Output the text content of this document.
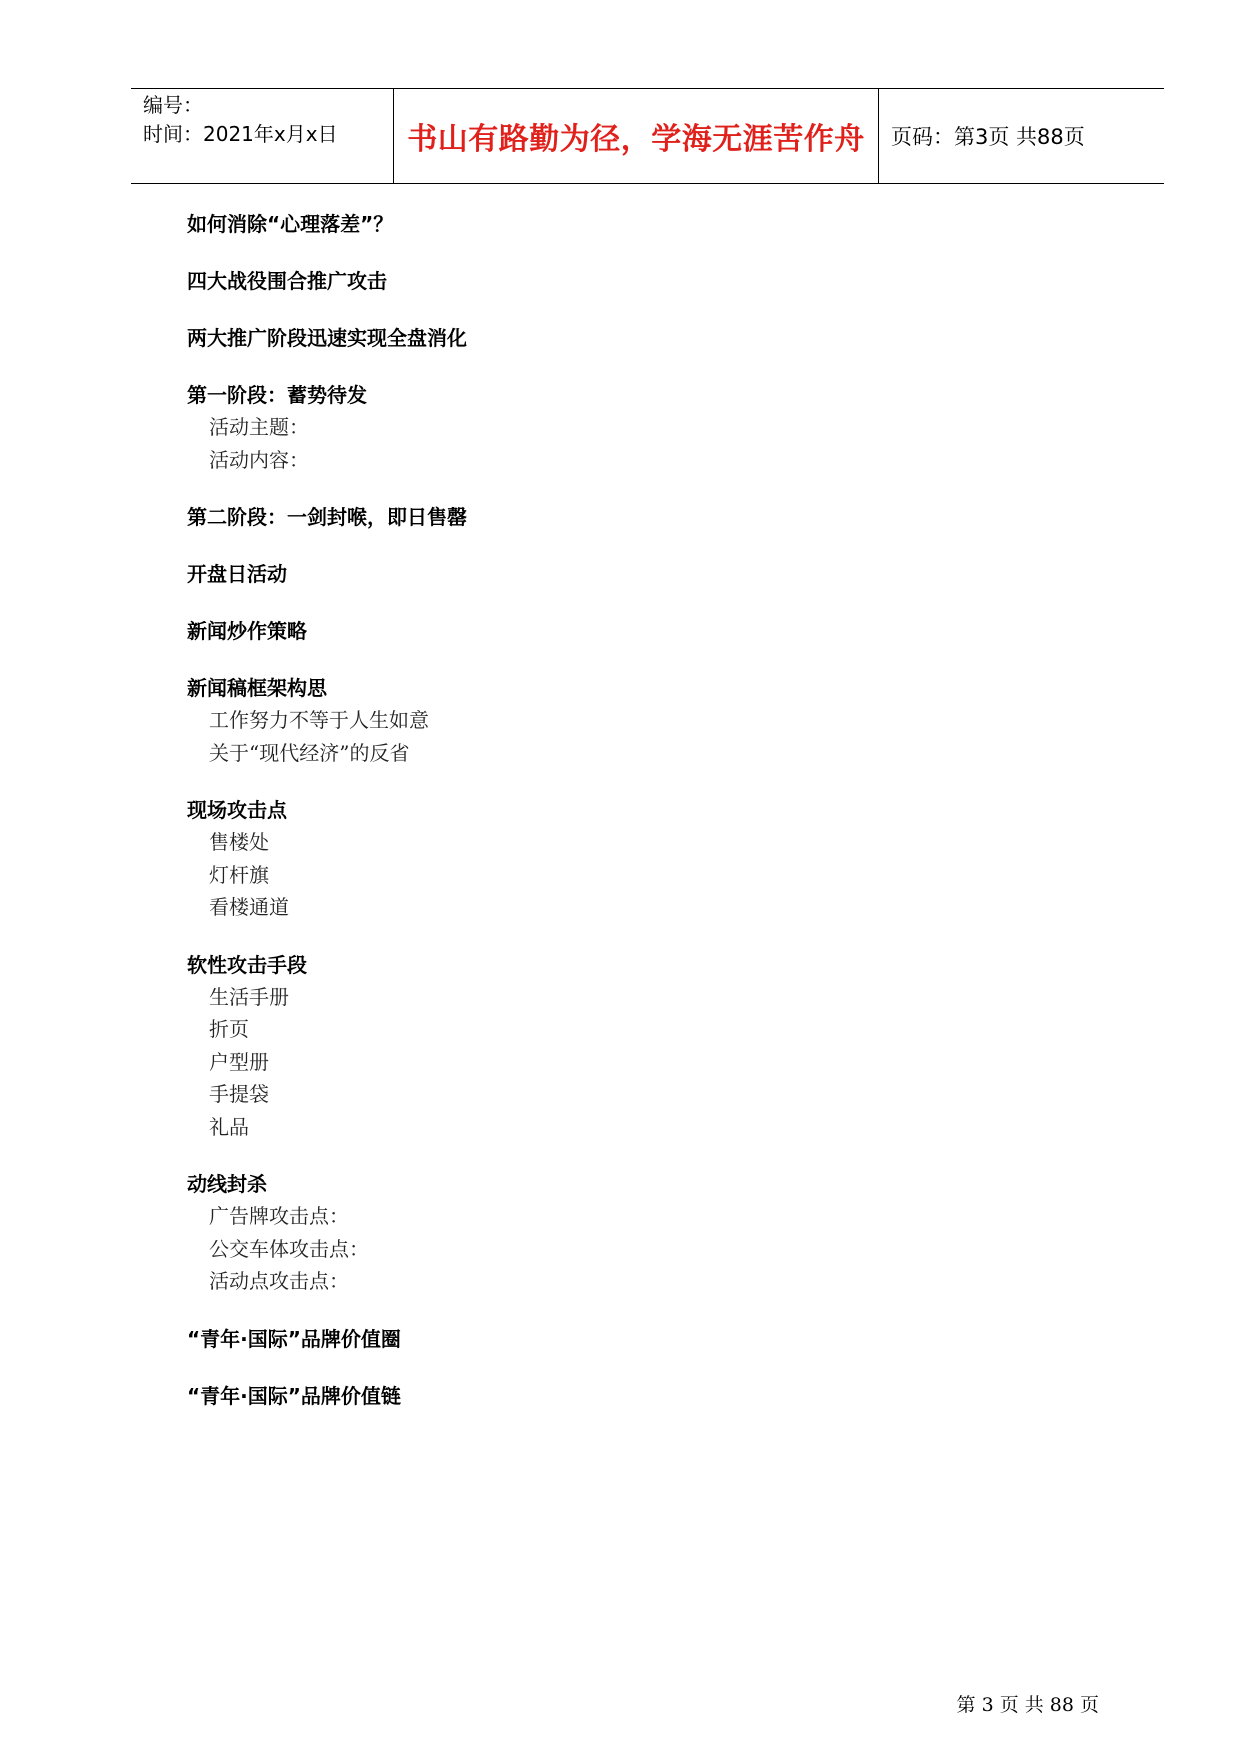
编号：
时间：2021年x月x日	书山有路勤为径，学海无涯苦作舟 页码：第3页 共88页
如何消除“心理落差”？
四大战役围合推广攻击
两大推广阶段迅速实现全盘消化
第一阶段：蓄势待发
活动主题：
活动内容：
第二阶段：一剑封喉，即日售罄
开盘日活动
新闻炒作策略
新闻稿框架构思
工作努力不等于人生如意
关于“现代经济”的反省
现场攻击点
售楼处
灯杆旗
看楼通道
软性攻击手段
生活手册
折页
户型册
手提袋
礼品
动线封杀
广告牌攻击点：
公交车体攻击点：
活动点攻击点：
“青年·国际”品牌价值圈
“青年·国际”品牌价值链
第 3 页 共 88 页
